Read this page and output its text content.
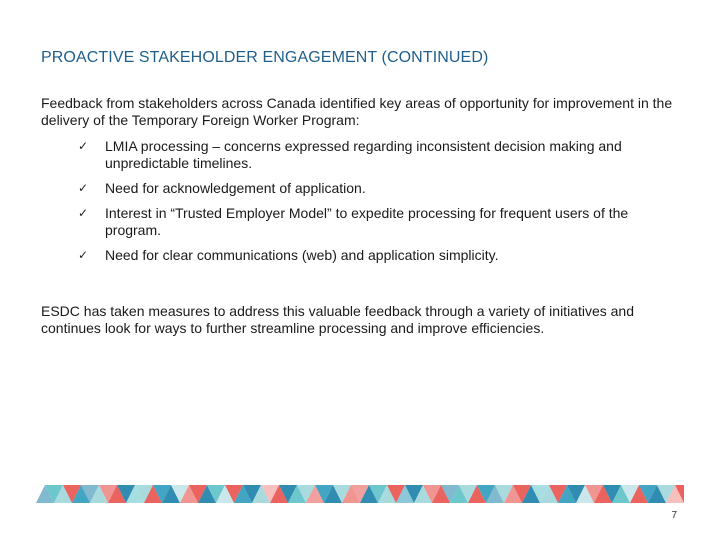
PROACTIVE STAKEHOLDER ENGAGEMENT (CONTINUED)

Feedback from stakeholders across Canada identified key areas of opportunity for improvement in the delivery of the Temporary Foreign Worker Program:

✓ LMIA processing – concerns expressed regarding inconsistent decision making and unpredictable timelines.
✓ Need for acknowledgement of application.
✓ Interest in “Trusted Employer Model” to expedite processing for frequent users of the program.
✓ Need for clear communications (web) and application simplicity.

ESDC has taken measures to address this valuable feedback through a variety of initiatives and continues look for ways to further streamline processing and improve efficiencies.

7
